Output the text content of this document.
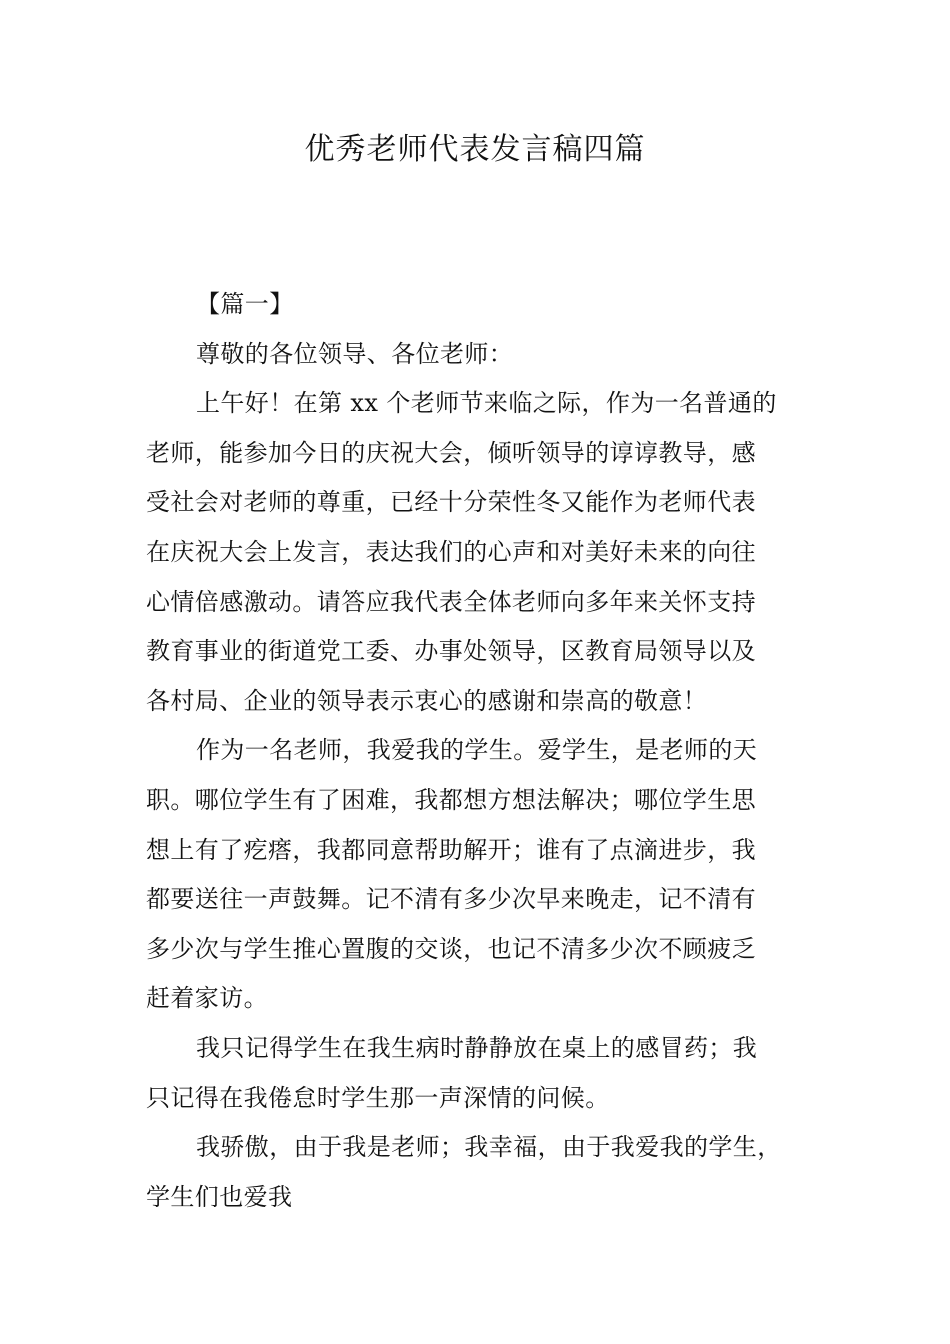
优秀老师代表发言稿四篇
【篇一】
尊敬的各位领导、各位老师：
上午好！在第 xx 个老师节来临之际，作为一名普通的
老师，能参加今日的庆祝大会，倾听领导的谆谆教导，感
受社会对老师的尊重，已经十分荣性冬又能作为老师代表
在庆祝大会上发言，表达我们的心声和对美好未来的向往
心情倍感激动。请答应我代表全体老师向多年来关怀支持
教育事业的街道党工委、办事处领导，区教育局领导以及
各村局、企业的领导表示衷心的感谢和崇高的敬意！
作为一名老师，我爱我的学生。爱学生，是老师的天
职。哪位学生有了困难，我都想方想法解决；哪位学生思
想上有了疙瘩，我都同意帮助解开；谁有了点滴进步，我
都要送往一声鼓舞。记不清有多少次早来晚走，记不清有
多少次与学生推心置腹的交谈，也记不清多少次不顾疲乏
赶着家访。
我只记得学生在我生病时静静放在桌上的感冒药；我
只记得在我倦怠时学生那一声深情的问候。
我骄傲，由于我是老师；我幸福，由于我爱我的学生，
学生们也爱我
